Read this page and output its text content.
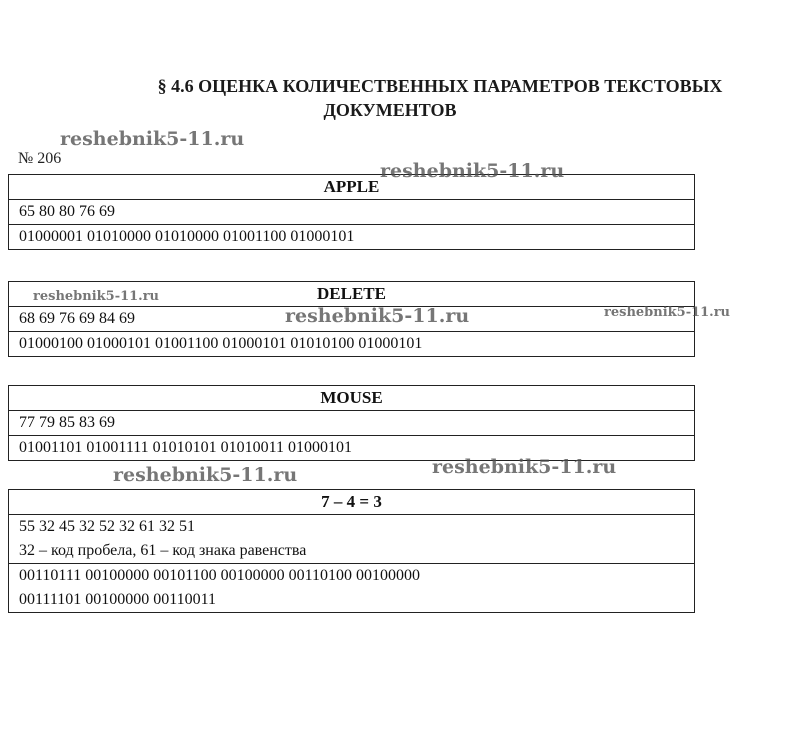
§ 4.6 ОЦЕНКА КОЛИЧЕСТВЕННЫХ ПАРАМЕТРОВ ТЕКСТОВЫХ
ДОКУМЕНТОВ
№ 206
APPLE
65 80 80 76 69
01000001 01010000 01010000 01001100 01000101
DELETE
68 69 76 69 84 69
01000100 01000101 01001100 01000101 01010100 01000101
MOUSE
77 79 85 83 69
01001101 01001111 01010101 01010011 01000101
7 – 4 = 3
55 32 45 32 52 32 61 32 51
32 – код пробела, 61 – код знака равенства
00110111 00100000 00101100 00100000 00110100 00100000
00111101 00100000 00110011
reshebnik5-11.ru
reshebnik5-11.ru
reshebnik5-11.ru
reshebnik5-11.ru	reshebnik5-11.ru
reshebnik5-11.ru
reshebnik5-11.ru
